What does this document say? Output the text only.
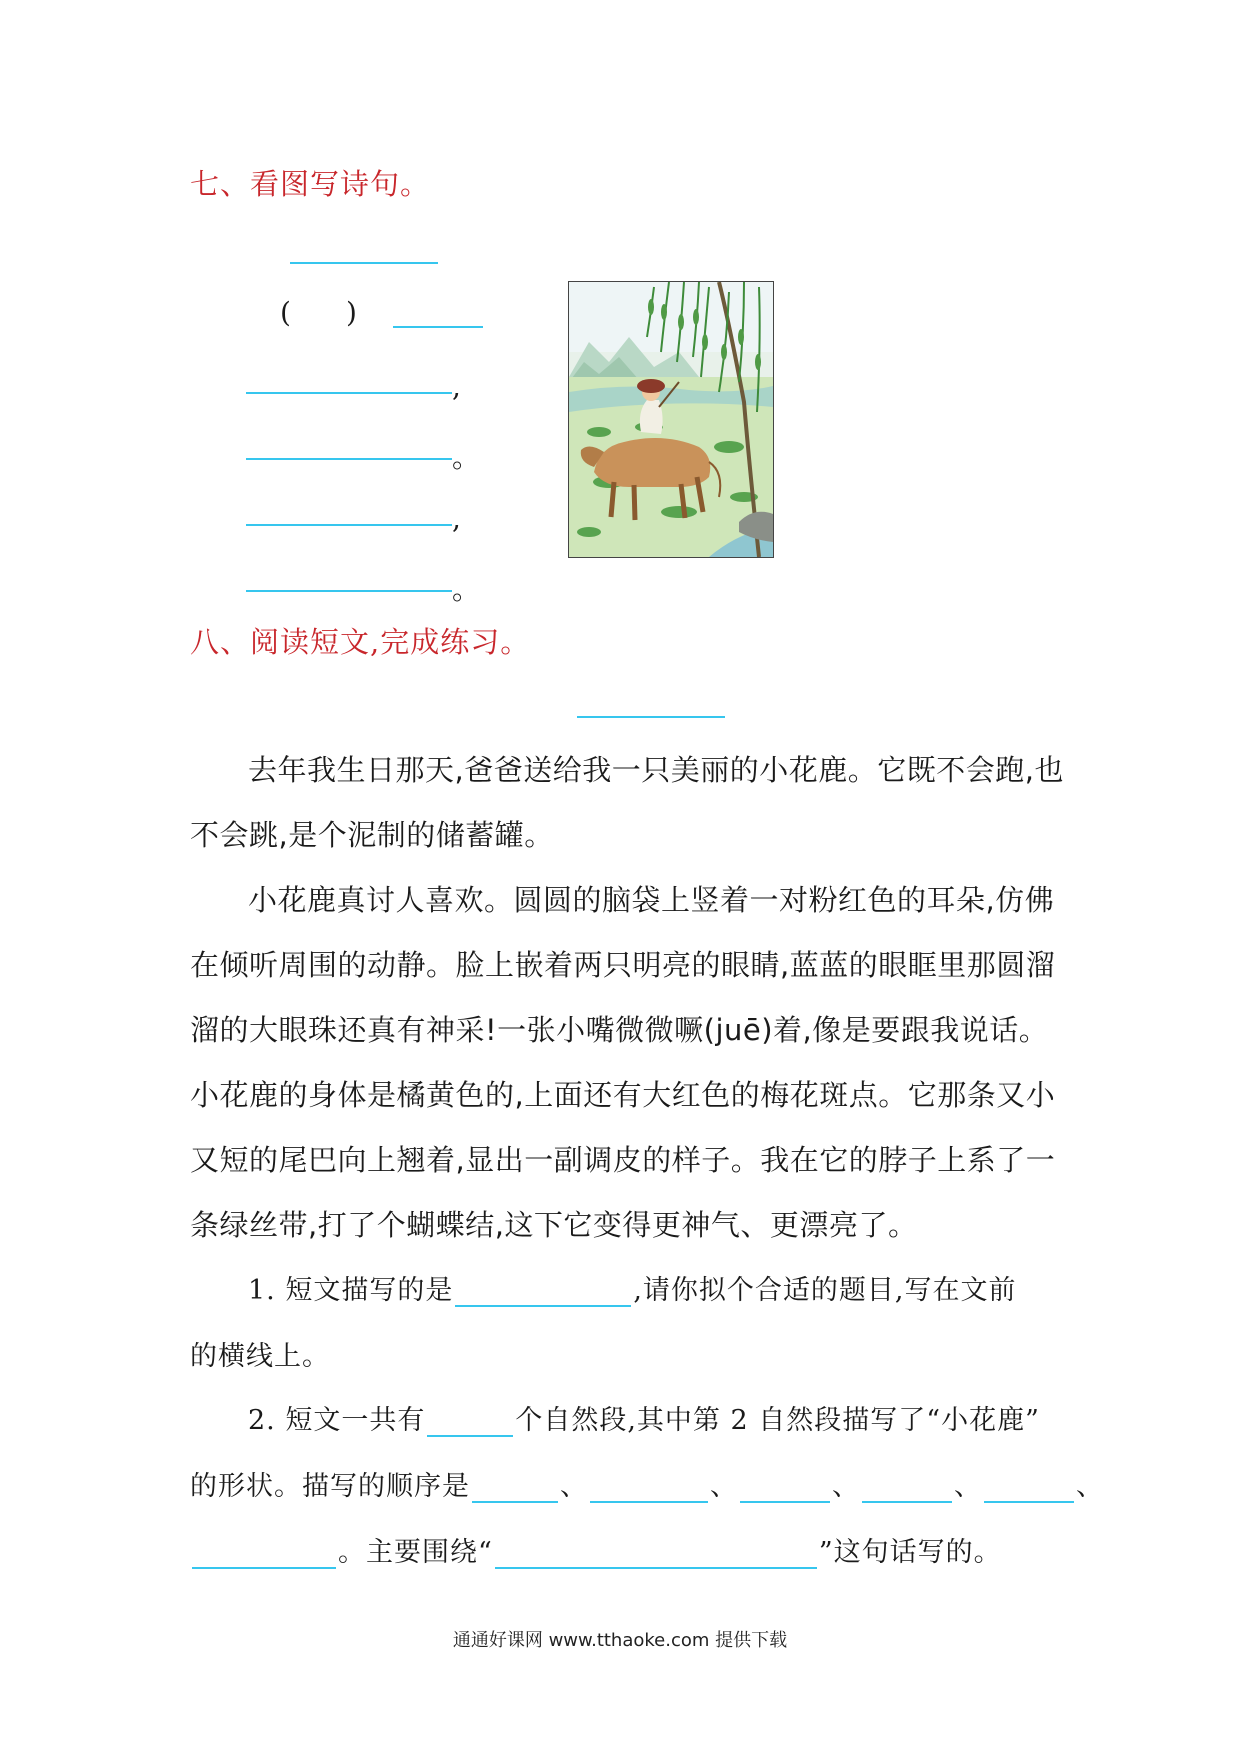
七、看图写诗句。
( )
,
。
,
。
八、阅读短文,完成练习。

去年我生日那天,爸爸送给我一只美丽的小花鹿。它既不会跑,也不会跳,是个泥制的储蓄罐。

小花鹿真讨人喜欢。圆圆的脑袋上竖着一对粉红色的耳朵,仿佛在倾听周围的动静。脸上嵌着两只明亮的眼睛,蓝蓝的眼眶里那圆溜溜的大眼珠还真有神采!一张小嘴微微噘(juē)着,像是要跟我说话。小花鹿的身体是橘黄色的,上面还有大红色的梅花斑点。它那条又小又短的尾巴向上翘着,显出一副调皮的样子。我在它的脖子上系了一条绿丝带,打了个蝴蝶结,这下它变得更神气、更漂亮了。

1. 短文描写的是	,请你拟个合适的题目,写在文前
的横线上。
2. 短文一共有	个自然段,其中第 2 自然段描写了“小花鹿”
的形状。描写的顺序是	、	、	、	、	、
。主要围绕“	”这句话写的。
通通好课网 www.tthaoke.com 提供下载
